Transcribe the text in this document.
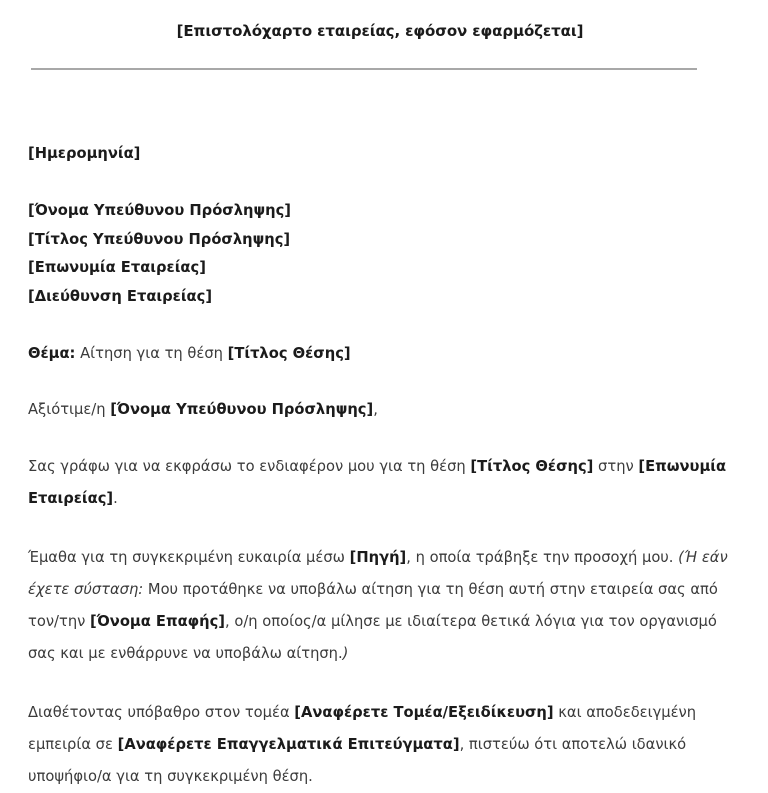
[Επιστολόχαρτο εταιρείας, εφόσον εφαρμόζεται]

[Ημερομηνία]

[Όνομα Υπεύθυνου Πρόσληψης]

[Τίτλος Υπεύθυνου Πρόσληψης]

[Επωνυμία Εταιρείας]

[Διεύθυνση Εταιρείας]

Θέμα: Αίτηση για τη θέση [Τίτλος Θέσης]

Αξιότιμε/η [Όνομα Υπεύθυνου Πρόσληψης],

Σας γράφω για να εκφράσω το ενδιαφέρον μου για τη θέση [Τίτλος Θέσης] στην [Επωνυμία Εταιρείας].

Έμαθα για τη συγκεκριμένη ευκαιρία μέσω [Πηγή], η οποία τράβηξε την προσοχή μου. (Ή εάν έχετε σύσταση: Μου προτάθηκε να υποβάλω αίτηση για τη θέση αυτή στην εταιρεία σας από τον/την [Όνομα Επαφής], ο/η οποίος/α μίλησε με ιδιαίτερα θετικά λόγια για τον οργανισμό σας και με ενθάρρυνε να υποβάλω αίτηση.)

Διαθέτοντας υπόβαθρο στον τομέα [Αναφέρετε Τομέα/Εξειδίκευση] και αποδεδειγμένη εμπειρία σε [Αναφέρετε Επαγγελματικά Επιτεύγματα], πιστεύω ότι αποτελώ ιδανικό υποψήφιο/α για τη συγκεκριμένη θέση.
